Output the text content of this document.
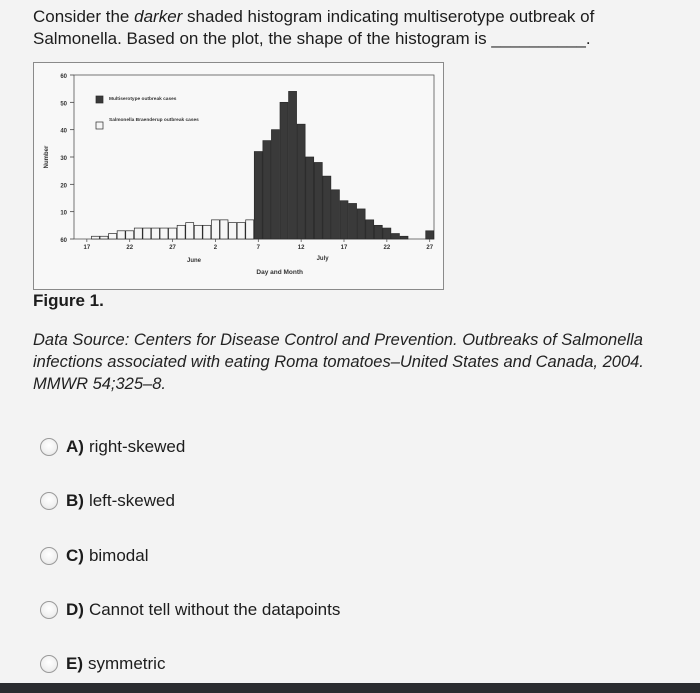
Consider the darker shaded histogram indicating multiserotype outbreak of Salmonella. Based on the plot, the shape of the histogram is __________.
60
50
40
30
20
10
60
Number
17	22	27	2	7	12	17	22	27
June	July
Day and Month
Multiserotype outbreak cases
Salmonella Braenderup outbreak cases
Figure 1.
Data Source: Centers for Disease Control and Prevention. Outbreaks of Salmonella infections associated with eating Roma tomatoes–United States and Canada, 2004. MMWR 54;325–8.
A) right-skewed
B) left-skewed
C) bimodal
D) Cannot tell without the datapoints
E) symmetric
